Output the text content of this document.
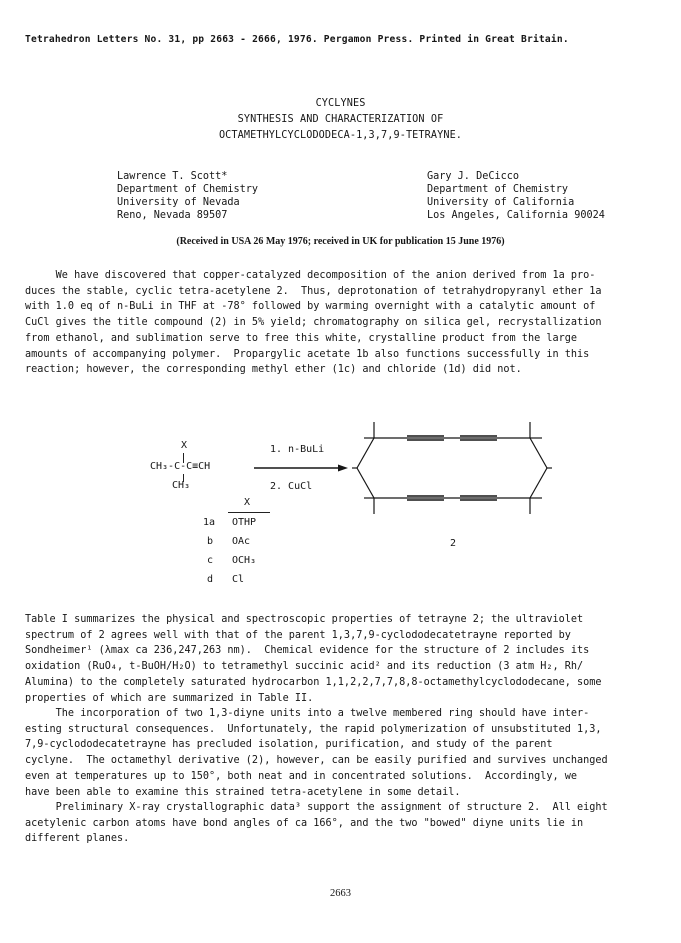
Tetrahedron Letters No. 31, pp 2663 - 2666, 1976. Pergamon Press. Printed in Great Britain.
CYCLYNES
SYNTHESIS AND CHARACTERIZATION OF
OCTAMETHYLCYCLODODECA-1,3,7,9-TETRAYNE.
Lawrence T. Scott*
Department of Chemistry
University of Nevada
Reno, Nevada 89507
Gary J. DeCicco
Department of Chemistry
University of California
Los Angeles, California 90024
(Received in USA 26 May 1976; received in UK for publication 15 June 1976)

We have discovered that copper-catalyzed decomposition of the anion derived from 1a pro-

duces the stable, cyclic tetra-acetylene 2.  Thus, deprotonation of tetrahydropyranyl ether 1a

with 1.0 eq of n-BuLi in THF at -78° followed by warming overnight with a catalytic amount of

CuCl gives the title compound (2) in 5% yield; chromatography on silica gel, recrystallization

from ethanol, and sublimation serve to free this white, crystalline product from the large

amounts of accompanying polymer.  Propargylic acetate 1b also functions successfully in this

reaction; however, the corresponding methyl ether (1c) and chloride (1d) did not.

X
CH₃-C-C≡CH
CH₃
1. n-BuLi
2. CuCl
X
1a OTHP
b OAc
c OCH₃
d Cl
2

Table I summarizes the physical and spectroscopic properties of tetrayne 2; the ultraviolet

spectrum of 2 agrees well with that of the parent 1,3,7,9-cyclododecatetrayne reported by

Sondheimer¹ (λmax ca 236,247,263 nm).  Chemical evidence for the structure of 2 includes its

oxidation (RuO₄, t-BuOH/H₂O) to tetramethyl succinic acid² and its reduction (3 atm H₂, Rh/

Alumina) to the completely saturated hydrocarbon 1,1,2,2,7,7,8,8-octamethylcyclododecane, some

properties of which are summarized in Table II.

The incorporation of two 1,3-diyne units into a twelve membered ring should have inter-

esting structural consequences.  Unfortunately, the rapid polymerization of unsubstituted 1,3,

7,9-cyclododecatetrayne has precluded isolation, purification, and study of the parent

cyclyne.  The octamethyl derivative (2), however, can be easily purified and survives unchanged

even at temperatures up to 150°, both neat and in concentrated solutions.  Accordingly, we

have been able to examine this strained tetra-acetylene in some detail.

Preliminary X-ray crystallographic data³ support the assignment of structure 2.  All eight

acetylenic carbon atoms have bond angles of ca 166°, and the two "bowed" diyne units lie in

different planes.

2663
